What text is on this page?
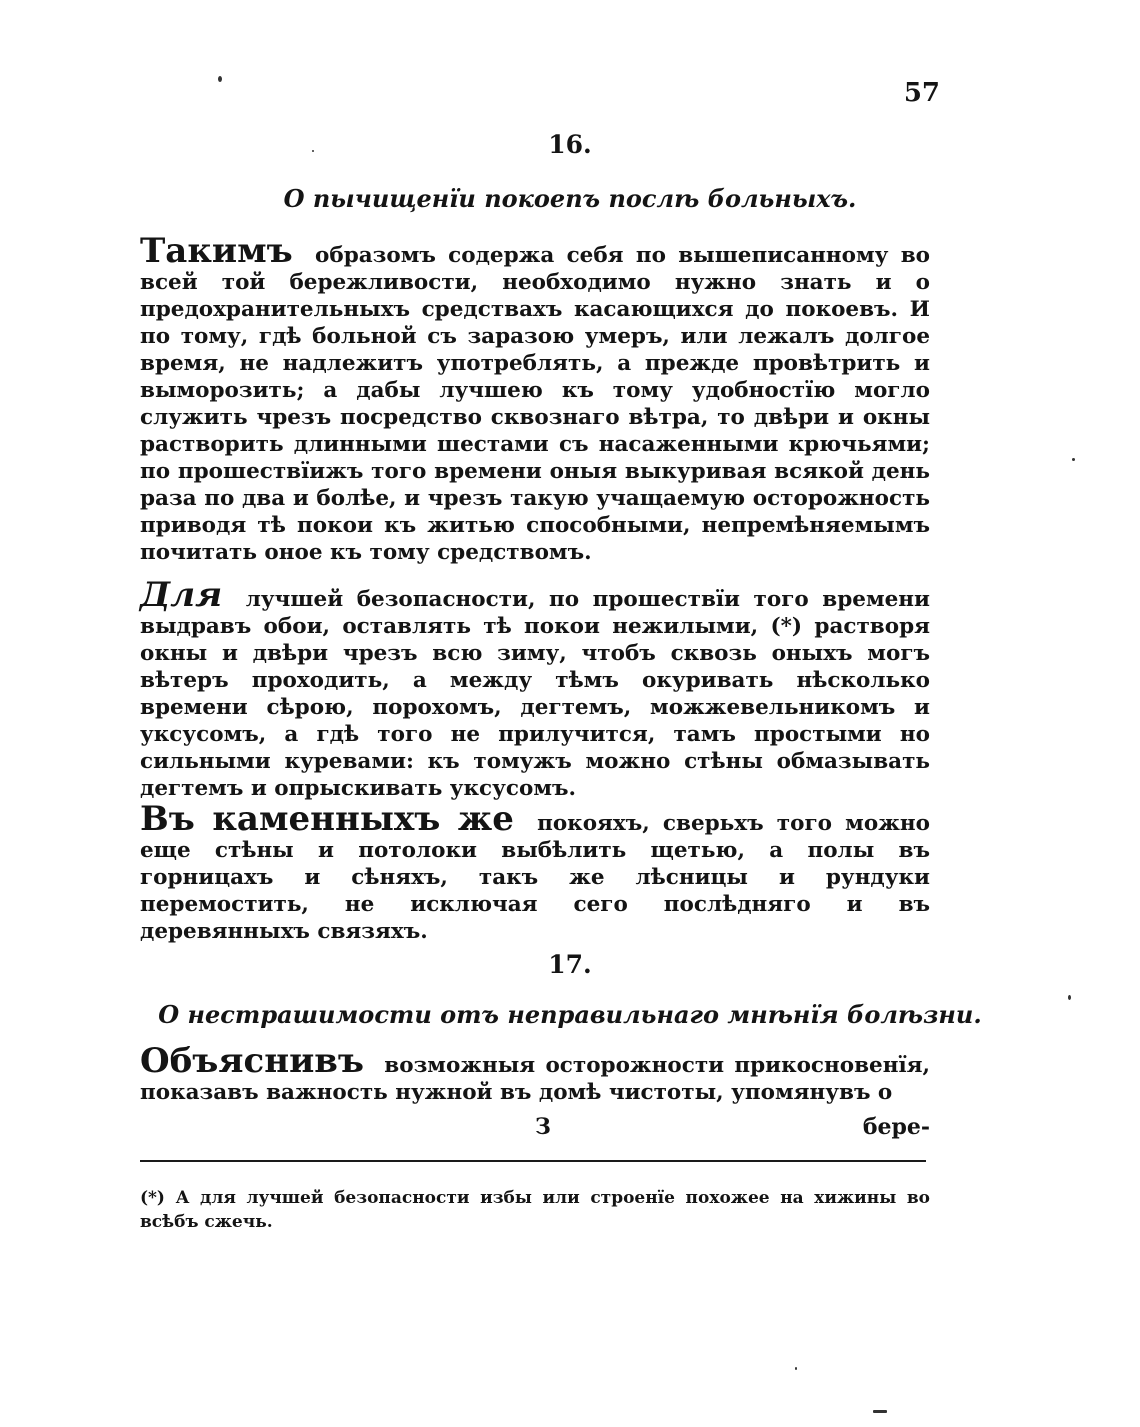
57
16.
О пычищенїи покоепъ послѣ больныхъ.

Такимъ образомъ содержа себя по вышеписанному во всей той бережливости, необходимо нужно знать и о предохранительныхъ средствахъ касающихся до покоевъ. И по тому, гдѣ больной съ заразою умеръ, или лежалъ долгое время, не надлежитъ употреблять, а прежде провѣтрить и выморозить; а дабы лучшею къ тому удобностїю могло служить чрезъ посредство сквознаго вѣтра, то двѣри и окны растворить длинными шестами съ насаженными крючьями; по прошествїижъ того времени оныя выкуривая всякой день раза по два и болѣе, и чрезъ такую учащаемую осторожность приводя тѣ покои къ житью способными, непремѣняемымъ почитать оное къ тому средствомъ.

Для лучшей безопасности, по прошествїи того времени выдравъ обои, оставлять тѣ покои нежилыми, (*) растворя окны и двѣри чрезъ всю зиму, чтобъ сквозь оныхъ могъ вѣтеръ проходить, а между тѣмъ окуривать нѣсколько времени сѣрою, порохомъ, дегтемъ, можжевельникомъ и уксусомъ, а гдѣ того не прилучится, тамъ простыми но сильными куревами: къ томужъ можно стѣны обмазывать дегтемъ и опрыскивать уксусомъ.

Въ каменныхъ же покояхъ, сверьхъ того можно еще стѣны и потолоки выбѣлить щетью, а полы въ горницахъ и сѣняхъ, такъ же лѣсницы и рундуки перемостить, не исключая сего послѣдняго и въ деревянныхъ связяхъ.

17.
О нестрашимости отъ неправильнаго мнѣнїя болѣзни.

Объяснивъ возможныя осторожности прикосновенїя, показавъ важность нужной въ домѣ чистоты, упомянувъ о

З	бере-

(*) А для лучшей безопасности избы или строенїе похожее на хижины во всѣбъ сжечь.
